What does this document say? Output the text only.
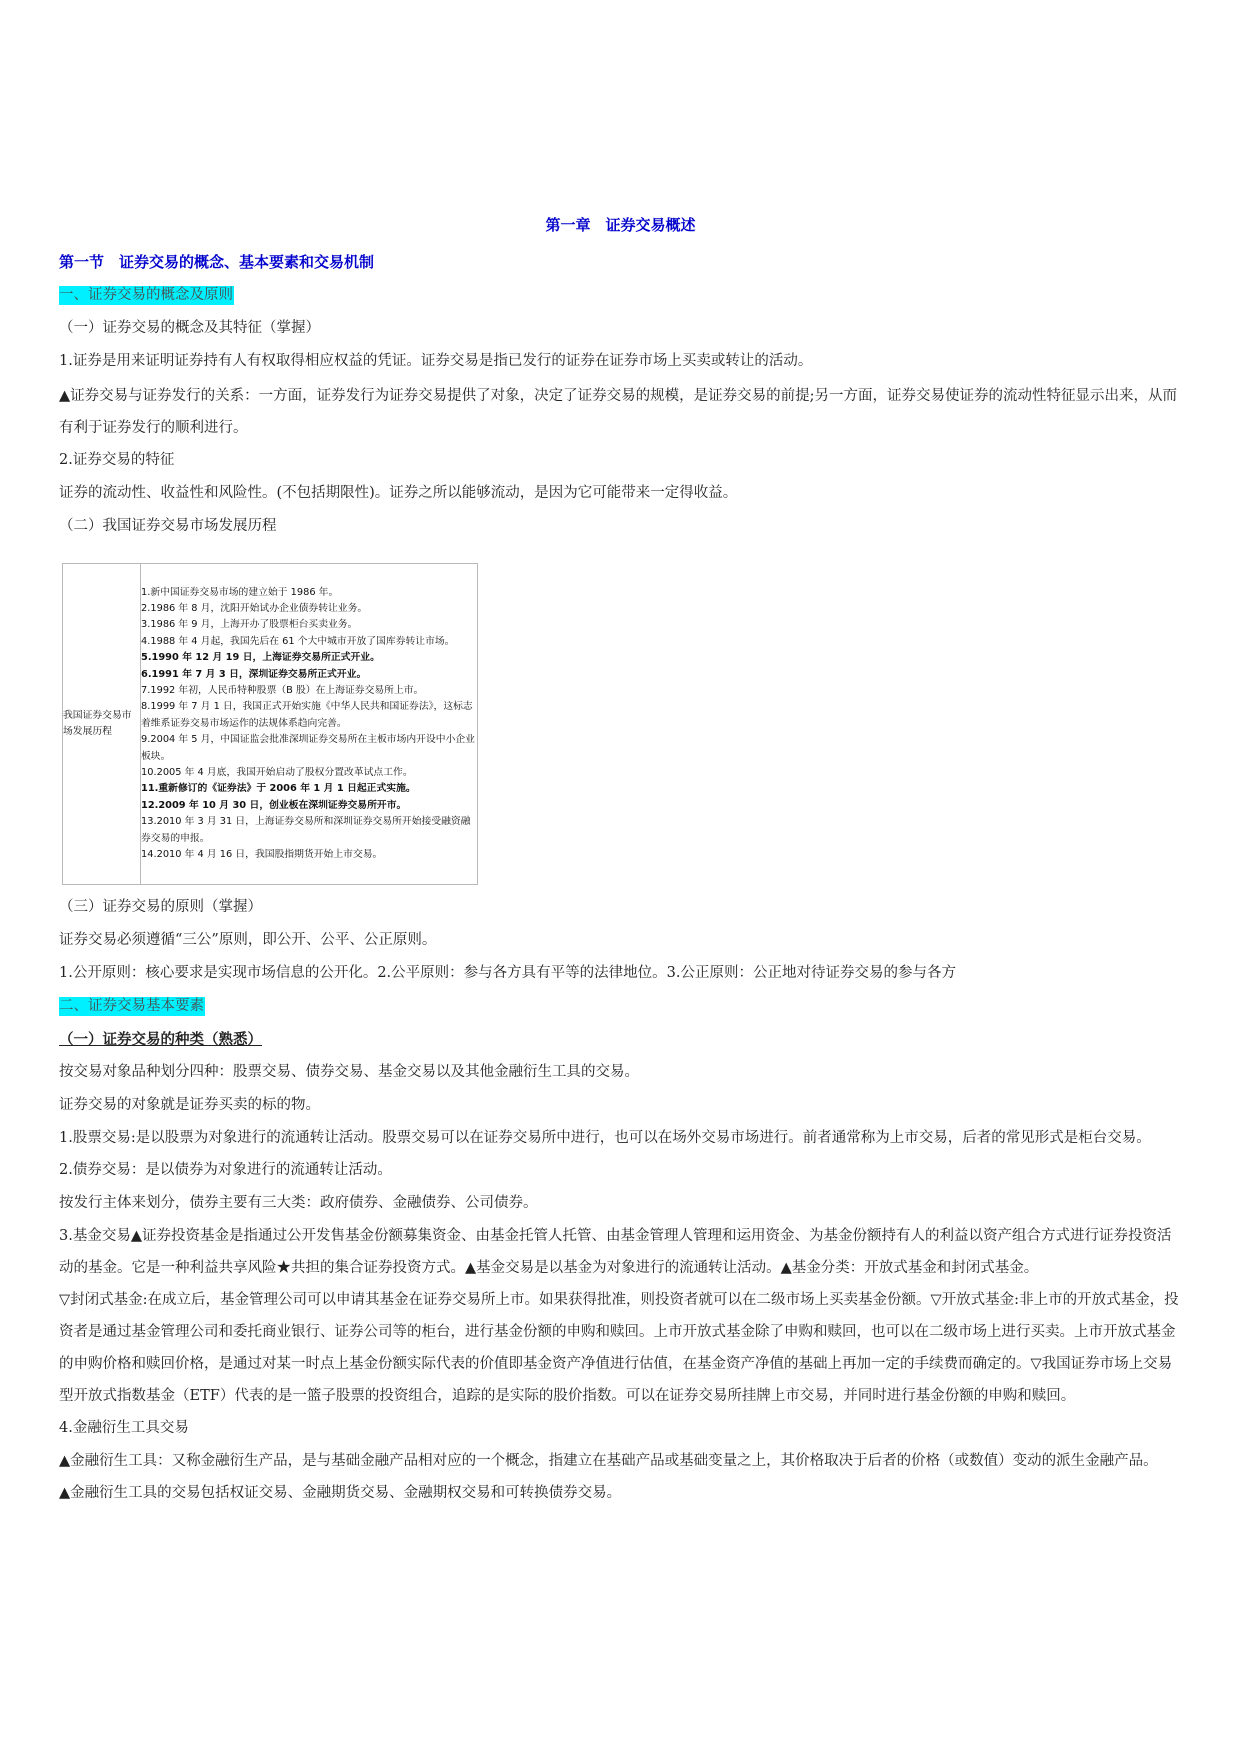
第一章　证券交易概述

第一节　证券交易的概念、基本要素和交易机制

一、证券交易的概念及原则

（一）证券交易的概念及其特征（掌握）

1.证券是用来证明证券持有人有权取得相应权益的凭证。证券交易是指已发行的证券在证券市场上买卖或转让的活动。

▲证券交易与证券发行的关系：一方面，证券发行为证券交易提供了对象，决定了证券交易的规模，是证券交易的前提;另一方面，证券交易使证券的流动性特征显示出来，从而有利于证券发行的顺利进行。

2.证券交易的特征

证券的流动性、收益性和风险性。(不包括期限性)。证券之所以能够流动，是因为它可能带来一定得收益。

（二）我国证券交易市场发展历程

我国证券交易市场发展历程	

1.新中国证券交易市场的建立始于 1986 年。

2.1986 年 8 月，沈阳开始试办企业债券转让业务。

3.1986 年 9 月，上海开办了股票柜台买卖业务。

4.1988 年 4 月起，我国先后在 61 个大中城市开放了国库券转让市场。

5.1990 年 12 月 19 日，上海证券交易所正式开业。

6.1991 年 7 月 3 日，深圳证券交易所正式开业。

7.1992 年初，人民币特种股票（B 股）在上海证券交易所上市。

8.1999 年 7 月 1 日，我国正式开始实施《中华人民共和国证券法》，这标志着维系证券交易市场运作的法规体系趋向完善。

9.2004 年 5 月，中国证监会批准深圳证券交易所在主板市场内开设中小企业板块。

10.2005 年 4 月底，我国开始启动了股权分置改革试点工作。

11.重新修订的《证券法》于 2006 年 1 月 1 日起正式实施。

12.2009 年 10 月 30 日，创业板在深圳证券交易所开市。

13.2010 年 3 月 31 日，上海证券交易所和深圳证券交易所开始接受融资融券交易的申报。

14.2010 年 4 月 16 日，我国股指期货开始上市交易。

（三）证券交易的原则（掌握）

证券交易必须遵循“三公”原则，即公开、公平、公正原则。

1.公开原则：核心要求是实现市场信息的公开化。2.公平原则：参与各方具有平等的法律地位。3.公正原则：公正地对待证券交易的参与各方

二、证券交易基本要素

（一）证券交易的种类（熟悉）

按交易对象品种划分四种：股票交易、债券交易、基金交易以及其他金融衍生工具的交易。

证券交易的对象就是证券买卖的标的物。

1.股票交易:是以股票为对象进行的流通转让活动。股票交易可以在证券交易所中进行，也可以在场外交易市场进行。前者通常称为上市交易，后者的常见形式是柜台交易。

2.债券交易：是以债券为对象进行的流通转让活动。

按发行主体来划分，债券主要有三大类：政府债券、金融债券、公司债券。

3.基金交易▲证券投资基金是指通过公开发售基金份额募集资金、由基金托管人托管、由基金管理人管理和运用资金、为基金份额持有人的利益以资产组合方式进行证券投资活动的基金。它是一种利益共享风险★共担的集合证券投资方式。▲基金交易是以基金为对象进行的流通转让活动。▲基金分类：开放式基金和封闭式基金。

▽封闭式基金:在成立后，基金管理公司可以申请其基金在证券交易所上市。如果获得批准，则投资者就可以在二级市场上买卖基金份额。▽开放式基金:非上市的开放式基金，投资者是通过基金管理公司和委托商业银行、证券公司等的柜台，进行基金份额的申购和赎回。上市开放式基金除了申购和赎回，也可以在二级市场上进行买卖。上市开放式基金的申购价格和赎回价格，是通过对某一时点上基金份额实际代表的价值即基金资产净值进行估值，在基金资产净值的基础上再加一定的手续费而确定的。▽我国证券市场上交易型开放式指数基金（ETF）代表的是一篮子股票的投资组合，追踪的是实际的股价指数。可以在证券交易所挂牌上市交易，并同时进行基金份额的申购和赎回。

4.金融衍生工具交易

▲金融衍生工具：又称金融衍生产品，是与基础金融产品相对应的一个概念，指建立在基础产品或基础变量之上，其价格取决于后者的价格（或数值）变动的派生金融产品。

▲金融衍生工具的交易包括权证交易、金融期货交易、金融期权交易和可转换债券交易。
